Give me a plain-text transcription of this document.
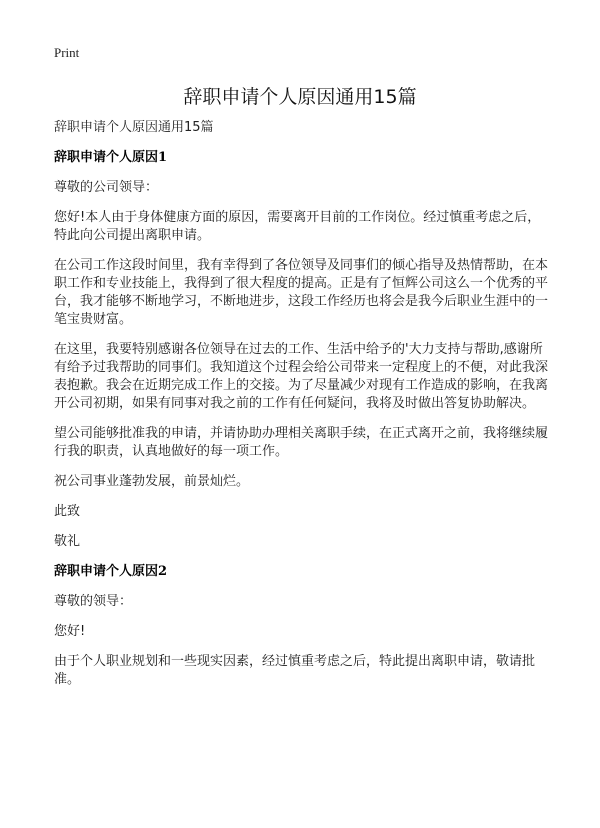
Print
辞职申请个人原因通用15篇
辞职申请个人原因通用15篇
辞职申请个人原因1
尊敬的公司领导：
您好!本人由于身体健康方面的原因，需要离开目前的工作岗位。经过慎重考虑之后，特此向公司提出离职申请。
在公司工作这段时间里，我有幸得到了各位领导及同事们的倾心指导及热情帮助，在本职工作和专业技能上，我得到了很大程度的提高。正是有了恒辉公司这么一个优秀的平台，我才能够不断地学习，不断地进步，这段工作经历也将会是我今后职业生涯中的一笔宝贵财富。
在这里，我要特别感谢各位领导在过去的工作、生活中给予的'大力支持与帮助,感谢所有给予过我帮助的同事们。我知道这个过程会给公司带来一定程度上的不便，对此我深表抱歉。我会在近期完成工作上的交接。为了尽量减少对现有工作造成的影响，在我离开公司初期，如果有同事对我之前的工作有任何疑问，我将及时做出答复协助解决。
望公司能够批准我的申请，并请协助办理相关离职手续，在正式离开之前，我将继续履行我的职责，认真地做好的每一项工作。
祝公司事业蓬勃发展，前景灿烂。
此致
敬礼
辞职申请个人原因2
尊敬的领导：
您好!
由于个人职业规划和一些现实因素，经过慎重考虑之后，特此提出离职申请，敬请批准。
